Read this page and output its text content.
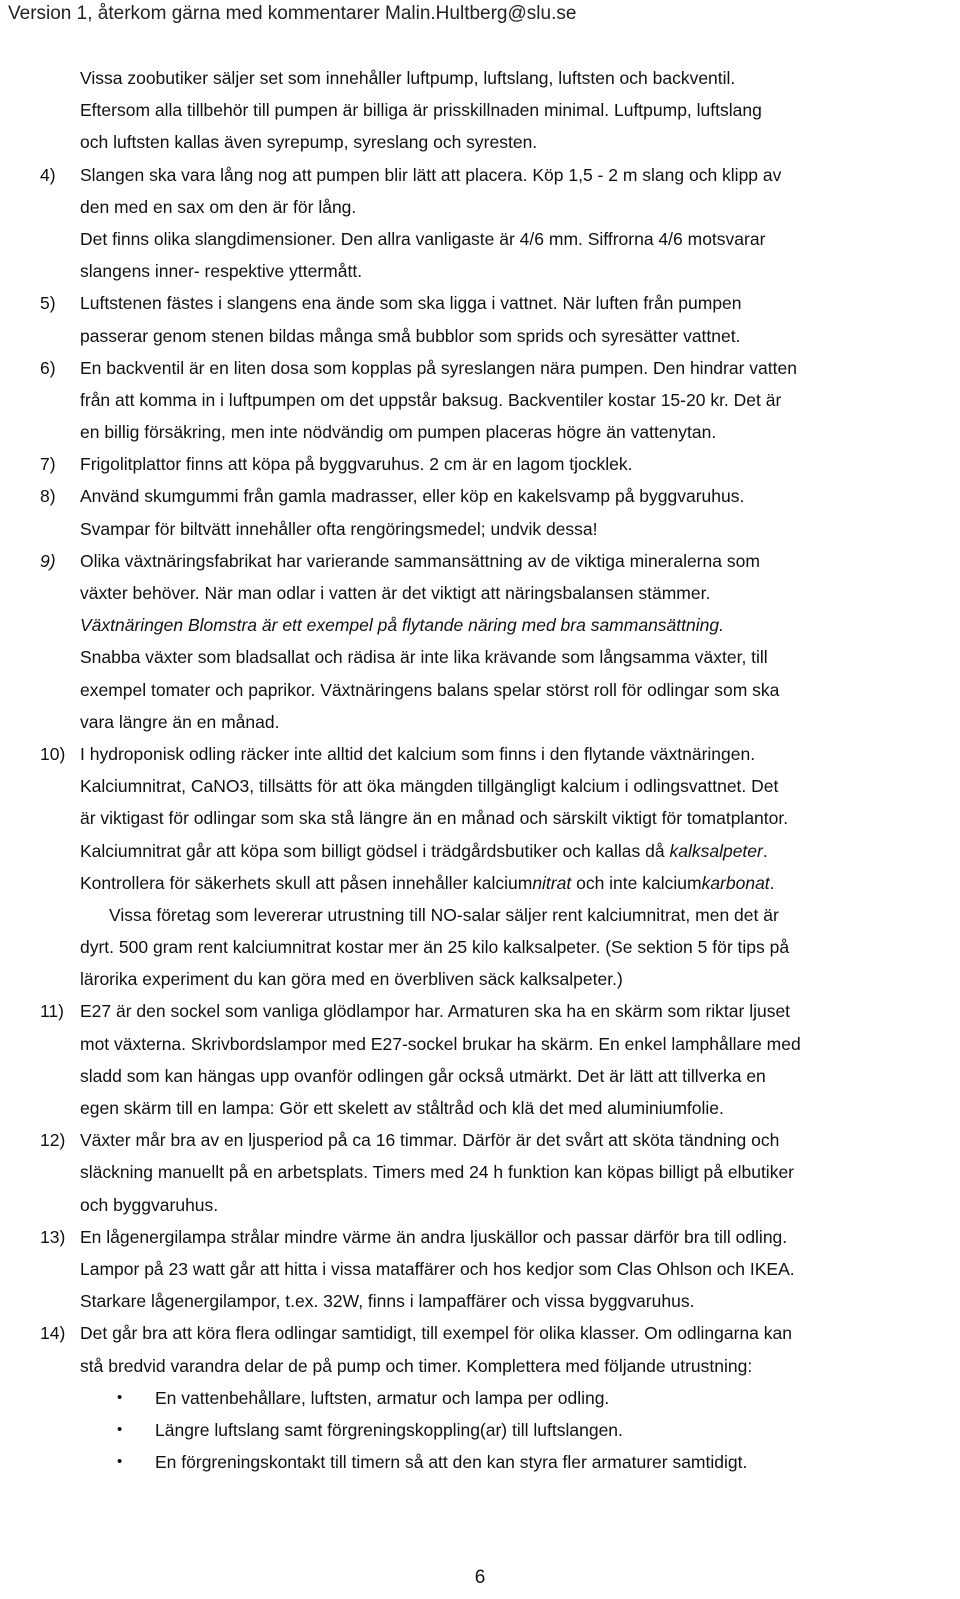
Version 1, återkom gärna med kommentarer Malin.Hultberg@slu.se
Vissa zoobutiker säljer set som innehåller luftpump, luftslang, luftsten och backventil.
Eftersom alla tillbehör till pumpen är billiga är prisskillnaden minimal. Luftpump, luftslang
och luftsten kallas även syrepump, syreslang och syresten.
4) Slangen ska vara lång nog att pumpen blir lätt att placera. Köp 1,5 - 2 m slang och klipp av
den med en sax om den är för lång.
Det finns olika slangdimensioner. Den allra vanligaste är 4/6 mm. Siffrorna 4/6 motsvarar
slangens inner- respektive yttermått.
5) Luftstenen fästes i slangens ena ände som ska ligga i vattnet. När luften från pumpen
passerar genom stenen bildas många små bubblor som sprids och syresätter vattnet.
6) En backventil är en liten dosa som kopplas på syreslangen nära pumpen. Den hindrar vatten
från att komma in i luftpumpen om det uppstår baksug. Backventiler kostar 15-20 kr. Det är
en billig försäkring, men inte nödvändig om pumpen placeras högre än vattenytan.
7) Frigolitplattor finns att köpa på byggvaruhus. 2 cm är en lagom tjocklek.
8) Använd skumgummi från gamla madrasser, eller köp en kakelsvamp på byggvaruhus.
Svampar för biltvätt innehåller ofta rengöringsmedel; undvik dessa!
9) Olika växtnäringsfabrikat har varierande sammansättning av de viktiga mineralerna som
växter behöver. När man odlar i vatten är det viktigt att näringsbalansen stämmer.
Växtnäringen Blomstra är ett exempel på flytande näring med bra sammansättning.
Snabba växter som bladsallat och rädisa är inte lika krävande som långsamma växter, till
exempel tomater och paprikor. Växtnäringens balans spelar störst roll för odlingar som ska
vara längre än en månad.
10) I hydroponisk odling räcker inte alltid det kalcium som finns i den flytande växtnäringen.
Kalciumnitrat, CaNO3, tillsätts för att öka mängden tillgängligt kalcium i odlingsvattnet. Det
är viktigast för odlingar som ska stå längre än en månad och särskilt viktigt för tomatplantor.
Kalciumnitrat går att köpa som billigt gödsel i trädgårdsbutiker och kallas då kalksalpeter.
Kontrollera för säkerhets skull att påsen innehåller kalciumnitrat och inte kalciumkarbonat.
Vissa företag som levererar utrustning till NO-salar säljer rent kalciumnitrat, men det är
dyrt. 500 gram rent kalciumnitrat kostar mer än 25 kilo kalksalpeter. (Se sektion 5 för tips på
lärorika experiment du kan göra med en överbliven säck kalksalpeter.)
11) E27 är den sockel som vanliga glödlampor har. Armaturen ska ha en skärm som riktar ljuset
mot växterna. Skrivbordslampor med E27-sockel brukar ha skärm. En enkel lamphållare med
sladd som kan hängas upp ovanför odlingen går också utmärkt. Det är lätt att tillverka en
egen skärm till en lampa: Gör ett skelett av ståltråd och klä det med aluminiumfolie.
12) Växter mår bra av en ljusperiod på ca 16 timmar. Därför är det svårt att sköta tändning och
släckning manuellt på en arbetsplats. Timers med 24 h funktion kan köpas billigt på elbutiker
och byggvaruhus.
13) En lågenergilampa strålar mindre värme än andra ljuskällor och passar därför bra till odling.
Lampor på 23 watt går att hitta i vissa mataffärer och hos kedjor som Clas Ohlson och IKEA.
Starkare lågenergilampor, t.ex. 32W, finns i lampaffärer och vissa byggvaruhus.
14) Det går bra att köra flera odlingar samtidigt, till exempel för olika klasser. Om odlingarna kan
stå bredvid varandra delar de på pump och timer. Komplettera med följande utrustning:
• En vattenbehållare, luftsten, armatur och lampa per odling.
• Längre luftslang samt förgreningskoppling(ar) till luftslangen.
• En förgreningskontakt till timern så att den kan styra fler armaturer samtidigt.
6
